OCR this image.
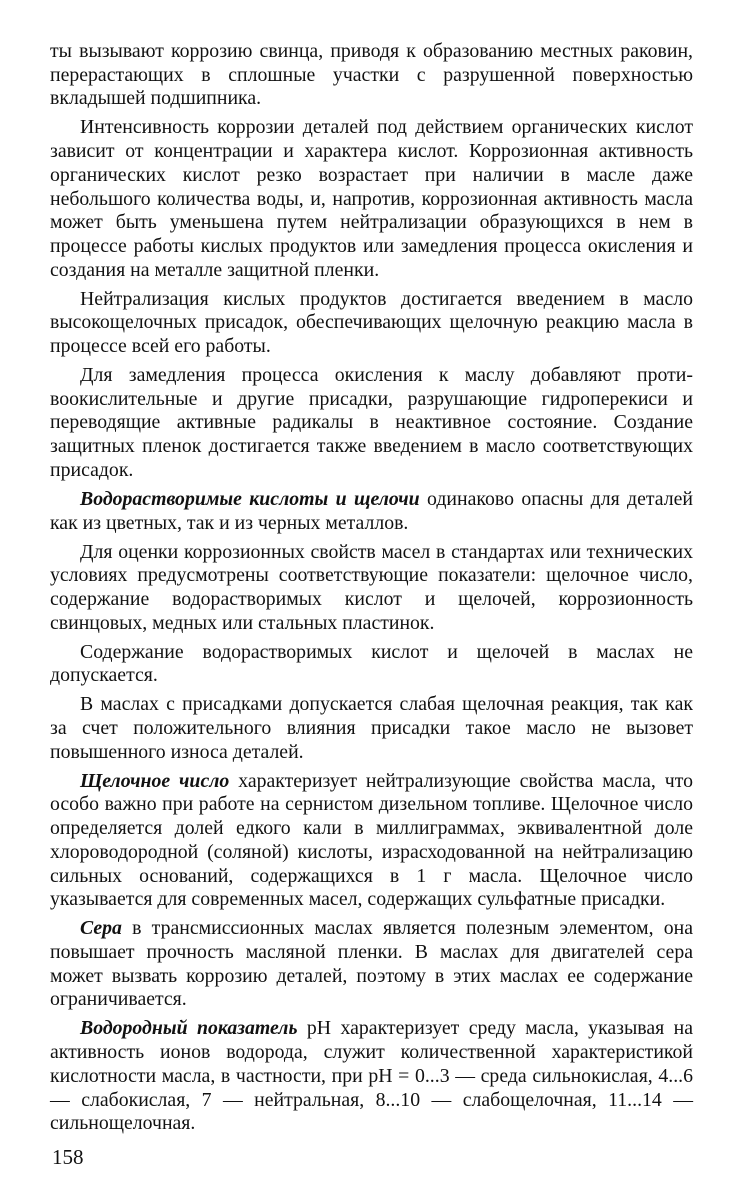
ты вызывают коррозию свинца, приводя к образованию местных раковин, перерастающих в сплошные участки с разрушенной поверхностью вкладышей подшипника.

Интенсивность коррозии деталей под действием органических кислот зависит от концентрации и характера кислот. Коррозионная активность органических кислот резко возрастает при наличии в масле даже небольшого количества воды, и, напротив, коррозионная активность масла может быть уменьшена путем нейтрализации образующихся в нем в процессе работы кислых продуктов или замедления процесса окисления и создания на металле защитной пленки.

Нейтрализация кислых продуктов достигается введением в масло высокощелочных присадок, обеспечивающих щелочную реакцию масла в процессе всей его работы.

Для замедления процесса окисления к маслу добавляют противоокислительные и другие присадки, разрушающие гидроперекиси и переводящие активные радикалы в неактивное состояние. Создание защитных пленок достигается также введением в масло соответствующих присадок.

Водорастворимые кислоты и щелочи одинаково опасны для деталей как из цветных, так и из черных металлов.

Для оценки коррозионных свойств масел в стандартах или технических условиях предусмотрены соответствующие показатели: щелочное число, содержание водорастворимых кислот и щелочей, коррозионность свинцовых, медных или стальных пластинок.

Содержание водорастворимых кислот и щелочей в маслах не допускается.

В маслах с присадками допускается слабая щелочная реакция, так как за счет положительного влияния присадки такое масло не вызовет повышенного износа деталей.

Щелочное число характеризует нейтрализующие свойства масла, что особо важно при работе на сернистом дизельном топливе. Щелочное число определяется долей едкого кали в миллиграммах, эквивалентной доле хлороводородной (соляной) кислоты, израсходованной на нейтрализацию сильных оснований, содержащихся в 1 г масла. Щелочное число указывается для современных масел, содержащих сульфатные присадки.

Сера в трансмиссионных маслах является полезным элементом, она повышает прочность масляной пленки. В маслах для двигателей сера может вызвать коррозию деталей, поэтому в этих маслах ее содержание ограничивается.

Водородный показатель pH характеризует среду масла, указывая на активность ионов водорода, служит количественной характеристикой кислотности масла, в частности, при pH = 0...3 — среда сильнокислая, 4...6 — слабокислая, 7 — нейтральная, 8...10 — слабощелочная, 11...14 — сильнощелочная.

158
